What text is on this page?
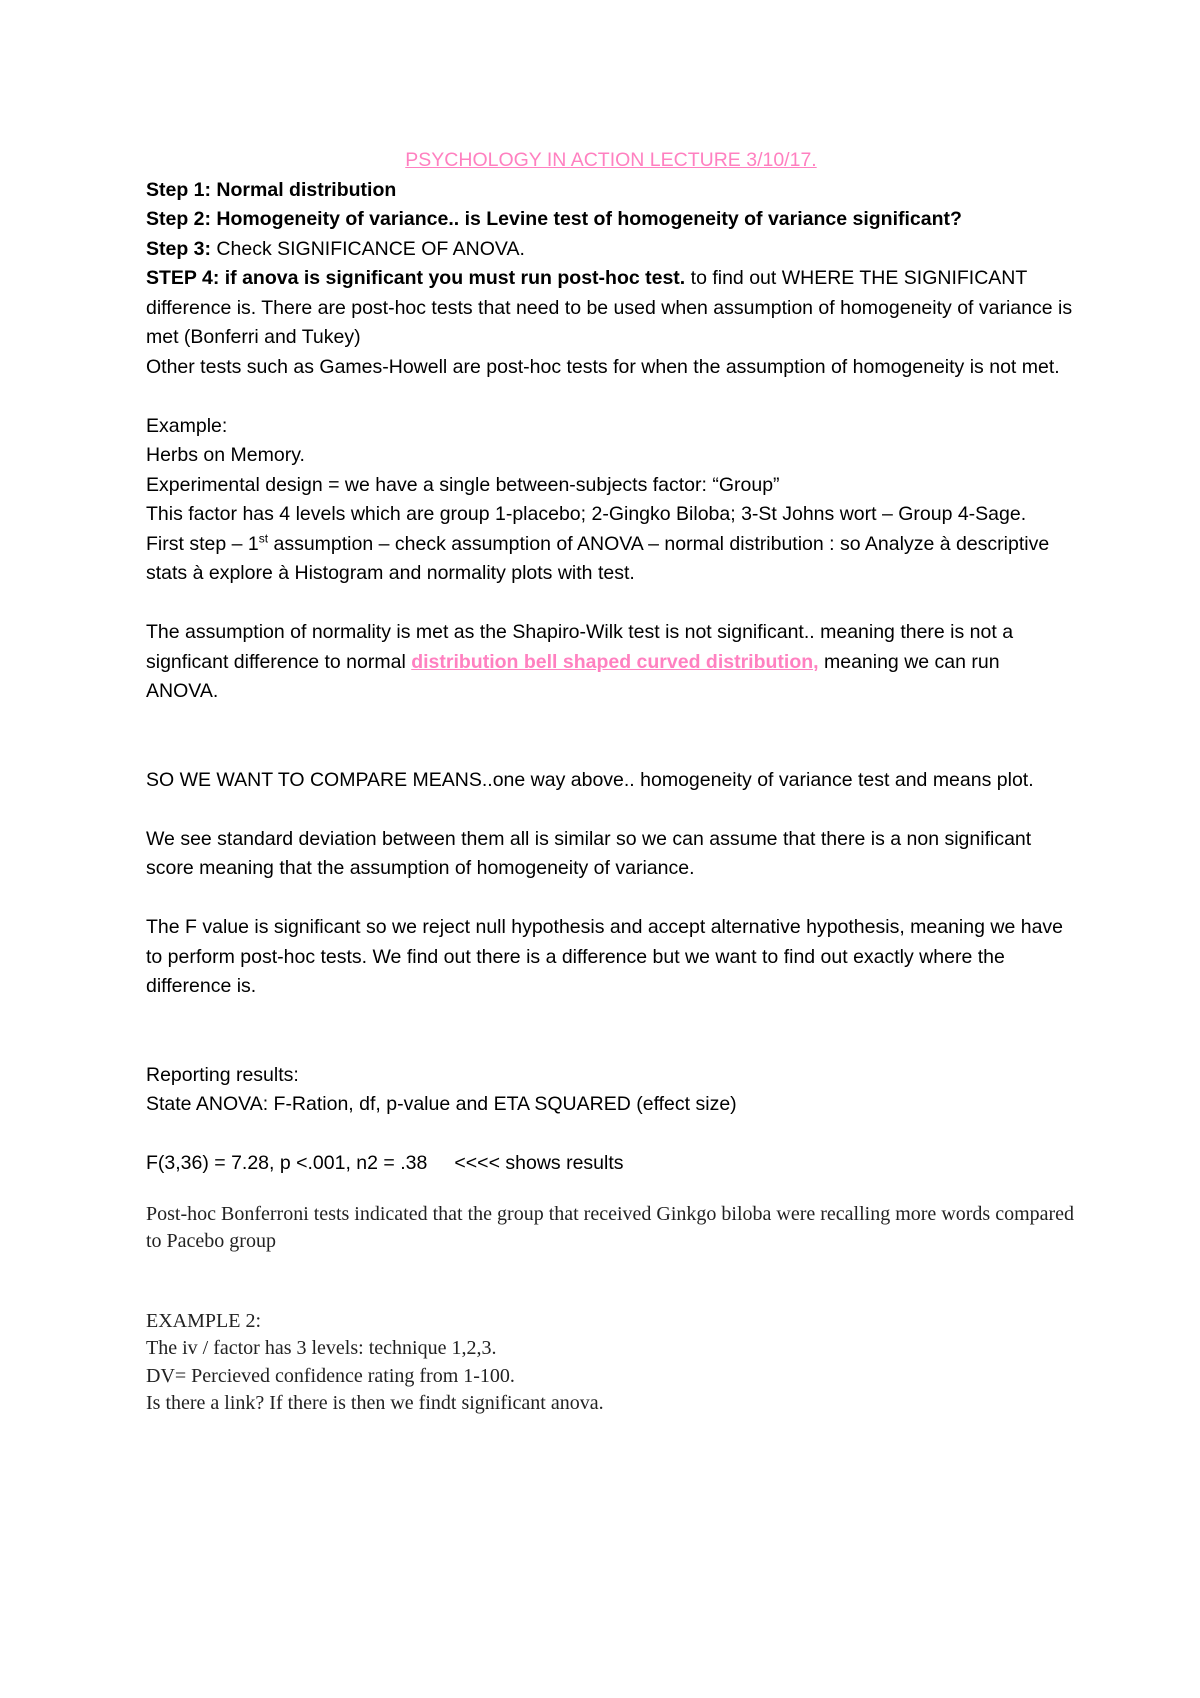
PSYCHOLOGY IN ACTION LECTURE 3/10/17.

Step 1: Normal distribution

Step 2: Homogeneity of variance.. is Levine test of homogeneity of variance significant?

Step 3: Check SIGNIFICANCE OF ANOVA.

STEP 4: if anova is significant you must run post-hoc test. to find out WHERE THE SIGNIFICANT difference is. There are post-hoc tests that need to be used when assumption of homogeneity of variance is met (Bonferri and Tukey)

Other tests such as Games-Howell are post-hoc tests for when the assumption of homogeneity is not met.

Example:

Herbs on Memory.

Experimental design = we have a single between-subjects factor: “Group”

This factor has 4 levels which are group 1-placebo; 2-Gingko Biloba; 3-St Johns wort – Group 4-Sage.

First step – 1st assumption – check assumption of ANOVA – normal distribution : so Analyze à descriptive stats à explore à Histogram and normality plots with test.

The assumption of normality is met as the Shapiro-Wilk test is not significant.. meaning there is not a signficant difference to normal distribution bell shaped curved distribution, meaning we can run ANOVA.

SO WE WANT TO COMPARE MEANS..one way above.. homogeneity of variance test and means plot.

We see standard deviation between them all is similar so we can assume that there is a non significant score meaning that the assumption of homogeneity of variance.

The F value is significant so we reject null hypothesis and accept alternative hypothesis, meaning we have to perform post-hoc tests. We find out there is a difference but we want to find out exactly where the difference is.

Reporting results:

State ANOVA: F-Ration, df, p-value and ETA SQUARED (effect size)

F(3,36) = 7.28, p <.001, n2 = .38     <<<< shows results

Post-hoc Bonferroni tests indicated that the group that received Ginkgo biloba were recalling more words compared to Pacebo group

EXAMPLE 2:

The iv / factor has 3 levels: technique 1,2,3.

DV= Percieved confidence rating from 1-100.

Is there a link? If there is then we findt significant anova.
